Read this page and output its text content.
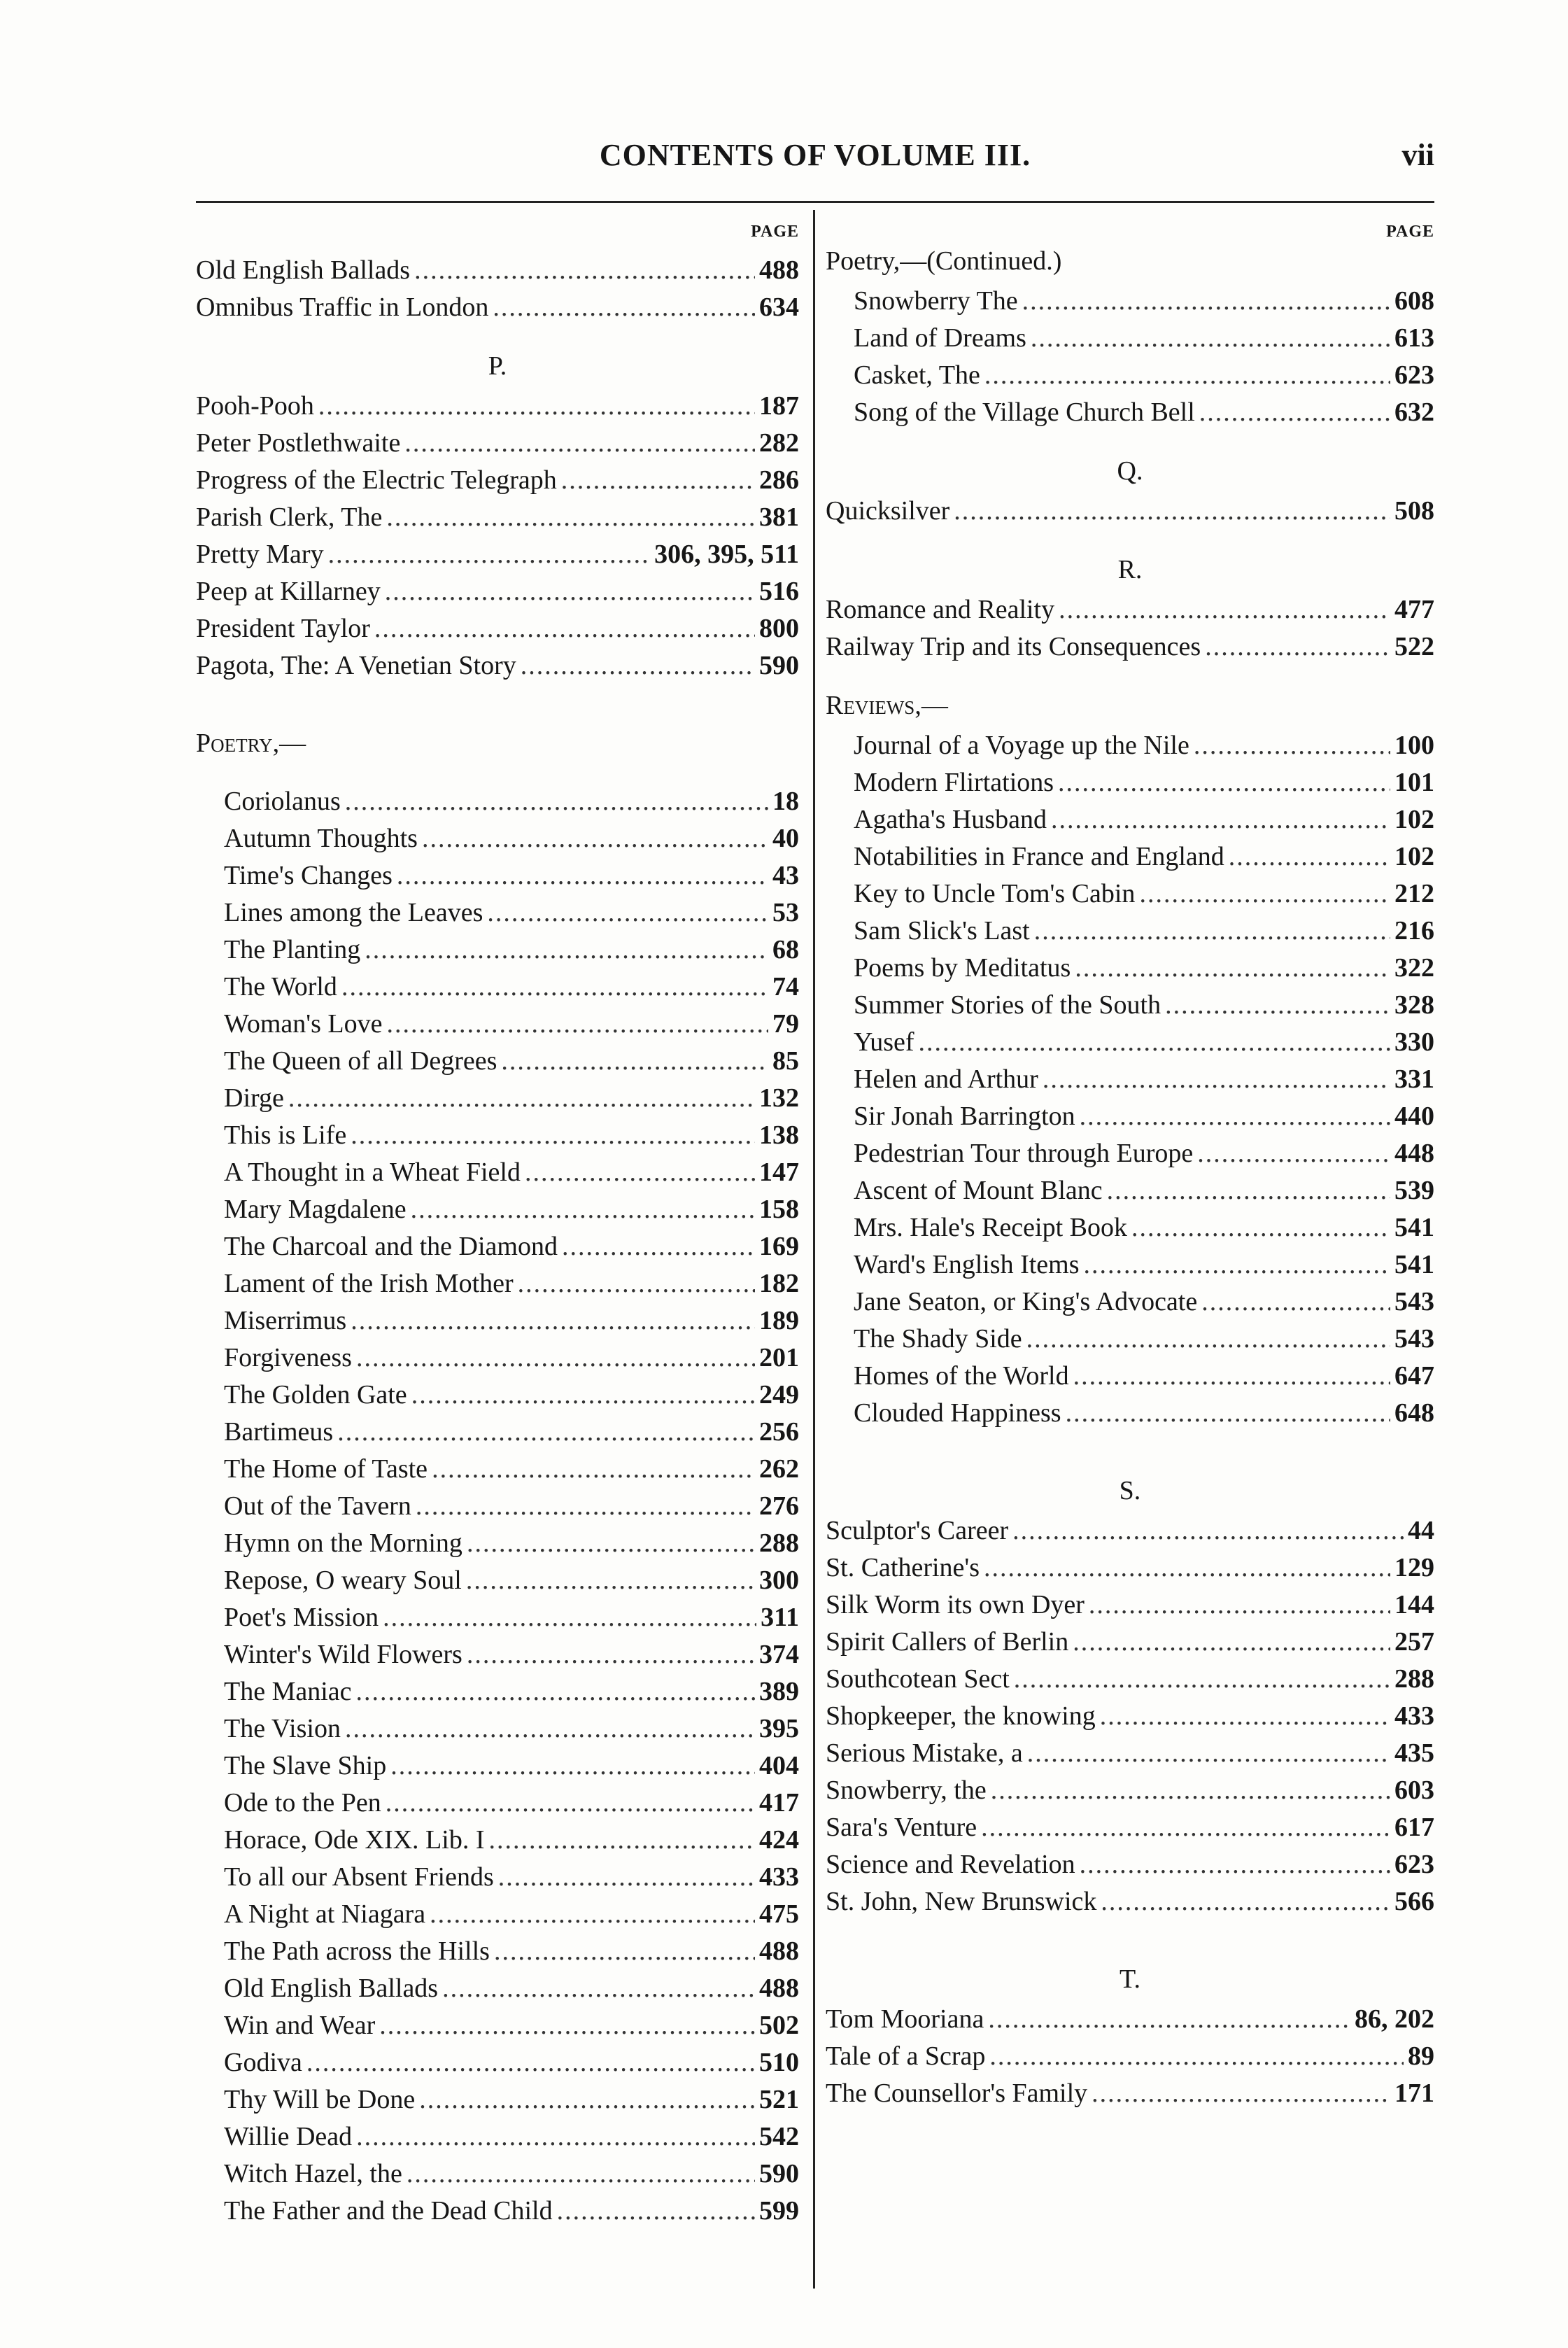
CONTENTS OF VOLUME III.	vii
PAGE
Old English Ballads .....	488
Omnibus Traffic in London .....	634
P.
Pooh-Pooh .....	187
Peter Postlethwaite .....	282
Progress of the Electric Telegraph .....	286
Parish Clerk, The .....	381
Pretty Mary .....	306, 395, 511
Peep at Killarney .....	516
President Taylor .....	800
Pagota, The: A Venetian Story .....	590
Poetry,—
Coriolanus .....	18
Autumn Thoughts .....	40
Time's Changes .....	43
Lines among the Leaves .....	53
The Planting .....	68
The World .....	74
Woman's Love .....	79
The Queen of all Degrees .....	85
Dirge .....	132
This is Life .....	138
A Thought in a Wheat Field .....	147
Mary Magdalene .....	158
The Charcoal and the Diamond .....	169
Lament of the Irish Mother .....	182
Miserrimus .....	189
Forgiveness .....	201
The Golden Gate .....	249
Bartimeus .....	256
The Home of Taste .....	262
Out of the Tavern .....	276
Hymn on the Morning .....	288
Repose, O weary Soul .....	300
Poet's Mission .....	311
Winter's Wild Flowers .....	374
The Maniac .....	389
The Vision .....	395
The Slave Ship .....	404
Ode to the Pen .....	417
Horace, Ode XIX. Lib. I .....	424
To all our Absent Friends .....	433
A Night at Niagara .....	475
The Path across the Hills .....	488
Old English Ballads .....	488
Win and Wear .....	502
Godiva .....	510
Thy Will be Done .....	521
Willie Dead .....	542
Witch Hazel, the .....	590
The Father and the Dead Child .....	599
PAGE
Poetry,—(Continued.)
Snowberry The .....	608
Land of Dreams .....	613
Casket, The .....	623
Song of the Village Church Bell .....	632
Q.
Quicksilver .....	508
R.
Romance and Reality .....	477
Railway Trip and its Consequences .....	522
Reviews,—
Journal of a Voyage up the Nile .....	100
Modern Flirtations .....	101
Agatha's Husband .....	102
Notabilities in France and England .....	102
Key to Uncle Tom's Cabin .....	212
Sam Slick's Last .....	216
Poems by Meditatus .....	322
Summer Stories of the South .....	328
Yusef .....	330
Helen and Arthur .....	331
Sir Jonah Barrington .....	440
Pedestrian Tour through Europe .....	448
Ascent of Mount Blanc .....	539
Mrs. Hale's Receipt Book .....	541
Ward's English Items .....	541
Jane Seaton, or King's Advocate .....	543
The Shady Side .....	543
Homes of the World .....	647
Clouded Happiness .....	648
S.
Sculptor's Career .....	44
St. Catherine's .....	129
Silk Worm its own Dyer .....	144
Spirit Callers of Berlin .....	257
Southcotean Sect .....	288
Shopkeeper, the knowing .....	433
Serious Mistake, a .....	435
Snowberry, the .....	603
Sara's Venture .....	617
Science and Revelation .....	623
St. John, New Brunswick .....	566
T.
Tom Mooriana .....	86, 202
Tale of a Scrap .....	89
The Counsellor's Family .....	171
